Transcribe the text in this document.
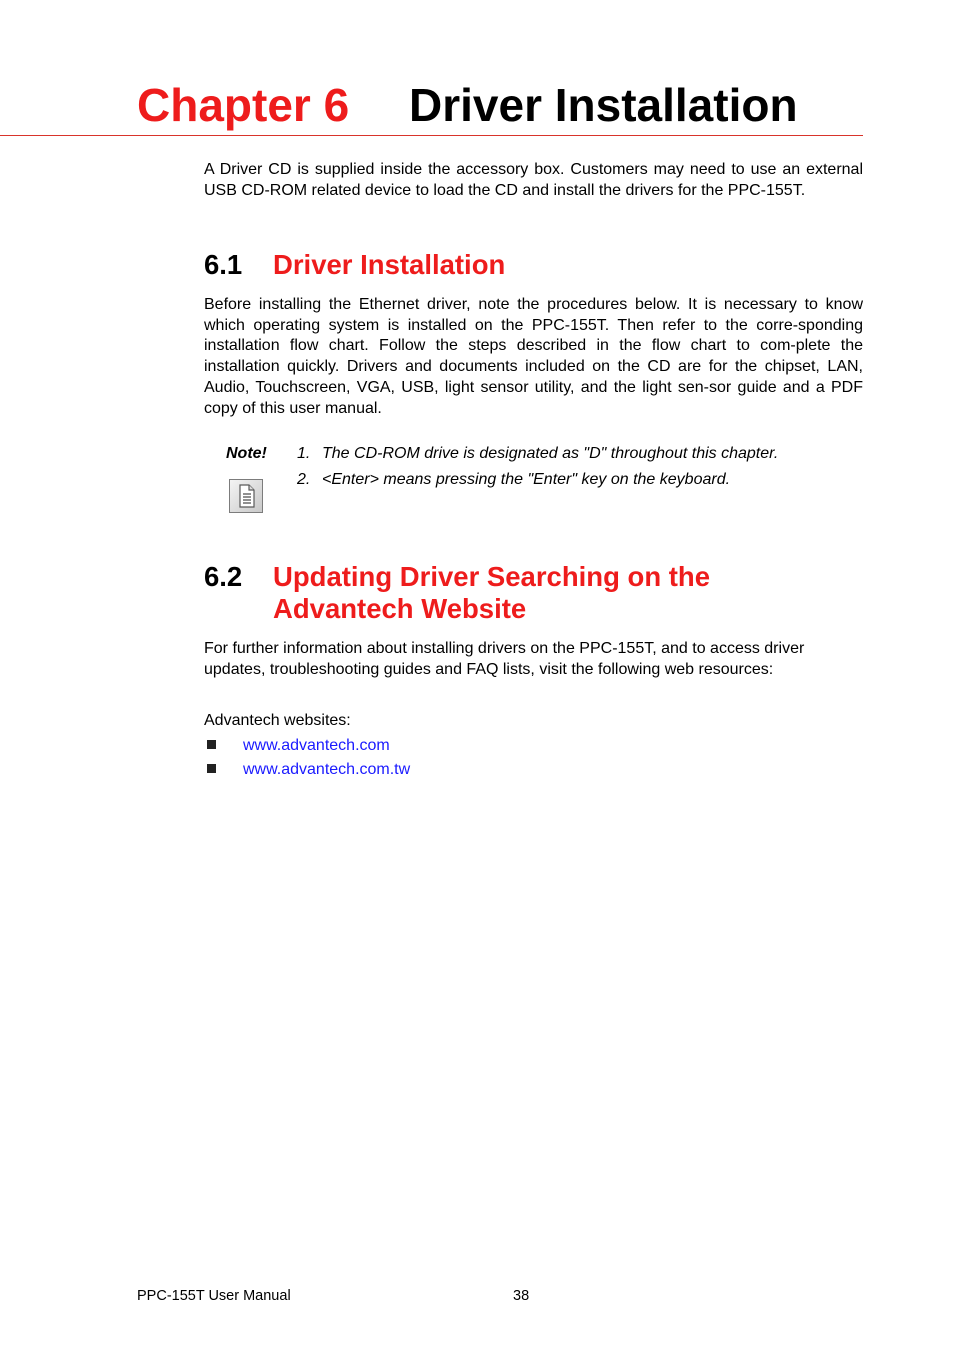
Chapter 6 Driver Installation

A Driver CD is supplied inside the accessory box. Customers may need to use an external USB CD-ROM related device to load the CD and install the drivers for the PPC-155T.

6.1 Driver Installation

Before installing the Ethernet driver, note the procedures below. It is necessary to know which operating system is installed on the PPC-155T. Then refer to the corre-sponding installation flow chart. Follow the steps described in the flow chart to com-plete the installation quickly. Drivers and documents included on the CD are for the chipset, LAN, Audio, Touchscreen, VGA, USB, light sensor utility, and the light sen-sor guide and a PDF copy of this user manual.

Note! 1. The CD-ROM drive is designated as "D" throughout this chapter.
2. <Enter> means pressing the "Enter" key on the keyboard.
6.2 Updating Driver Searching on the
Advantech Website

For further information about installing drivers on the PPC-155T, and to access driver updates, troubleshooting guides and FAQ lists, visit the following web resources:

Advantech websites:

www.advantech.com
www.advantech.com.tw
PPC-155T User Manual	38
